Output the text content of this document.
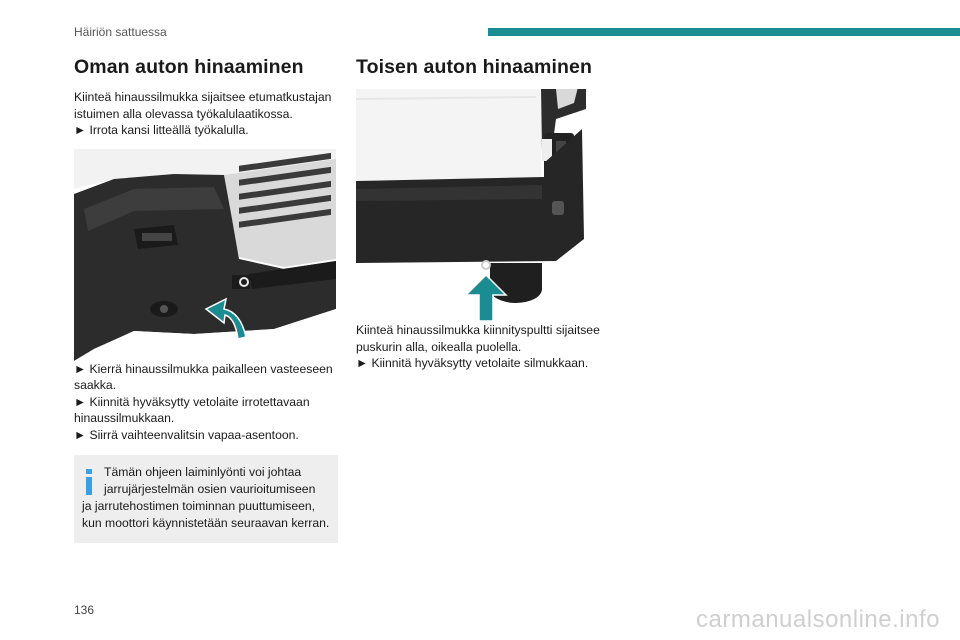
Häiriön sattuessa
Oman auton hinaaminen

Kiinteä hinaussilmukka sijaitsee etumatkustajan
istuimen alla olevassa työkalulaatikossa.
► Irrota kansi litteällä työkalulla.

► Kierrä hinaussilmukka paikalleen vasteeseen
saakka.
► Kiinnitä hyväksytty vetolaite irrotettavaan
hinaussilmukkaan.
► Siirrä vaihteenvalitsin vapaa-asentoon.

Tämän ohjeen laiminlyönti voi johtaa
jarrujärjestelmän osien vaurioitumiseen
ja jarrutehostimen toiminnan puuttumiseen,
kun moottori käynnistetään seuraavan kerran.

Toisen auton hinaaminen

Kiinteä hinaussilmukka kiinnityspultti sijaitsee
puskurin alla, oikealla puolella.
► Kiinnitä hyväksytty vetolaite silmukkaan.

136	carmanualsonline.info
